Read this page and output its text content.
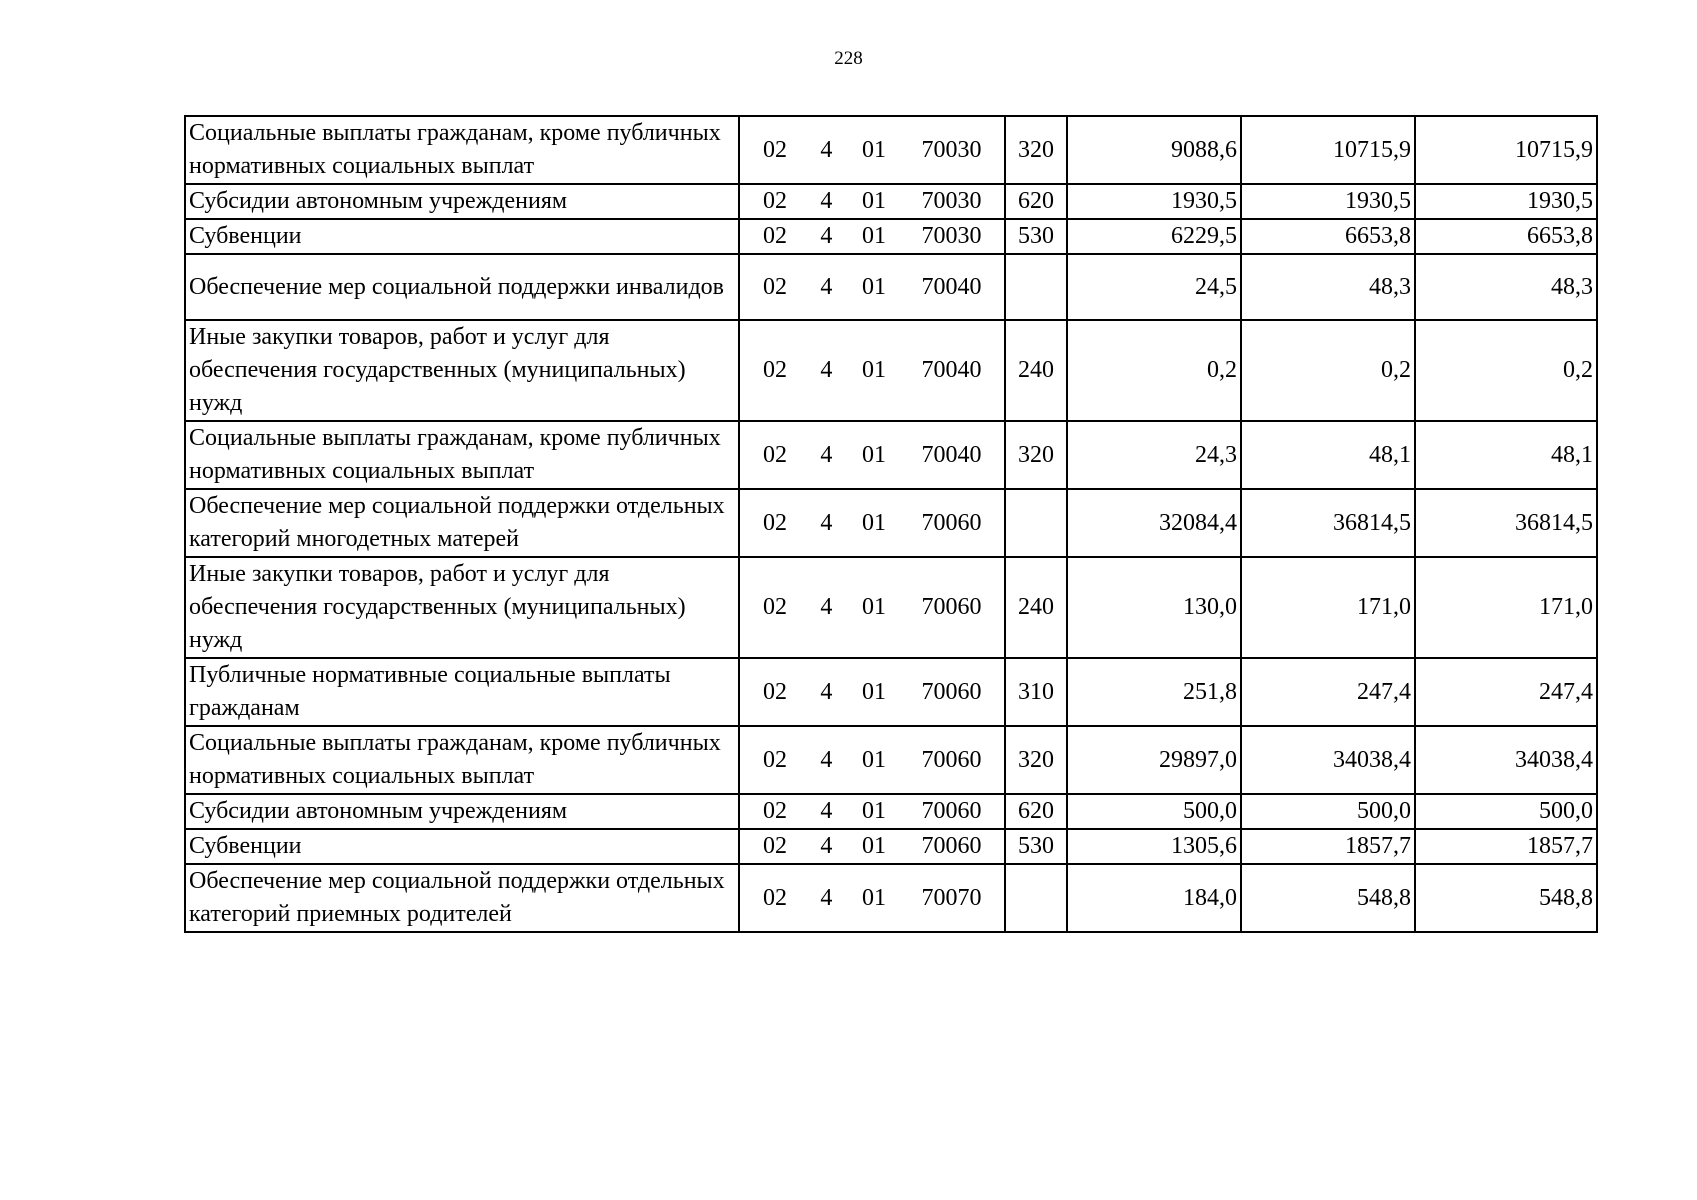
228
Социальные выплаты гражданам, кроме публичных нормативных социальных выплат	02 4 01 70030	320	9088,6	10715,9	10715,9
Субсидии автономным учреждениям	02 4 01 70030	620	1930,5	1930,5	1930,5
Субвенции	02 4 01 70030	530	6229,5	6653,8	6653,8
Обеспечение мер социальной поддержки инвалидов	02 4 01 70040		24,5	48,3	48,3
Иные закупки товаров, работ и услуг для обеспечения государственных (муниципальных) нужд	02 4 01 70040	240	0,2	0,2	0,2
Социальные выплаты гражданам, кроме публичных нормативных социальных выплат	02 4 01 70040	320	24,3	48,1	48,1
Обеспечение мер социальной поддержки отдельных категорий многодетных матерей	02 4 01 70060		32084,4	36814,5	36814,5
Иные закупки товаров, работ и услуг для обеспечения государственных (муниципальных) нужд	02 4 01 70060	240	130,0	171,0	171,0
Публичные нормативные социальные выплаты гражданам	02 4 01 70060	310	251,8	247,4	247,4
Социальные выплаты гражданам, кроме публичных нормативных социальных выплат	02 4 01 70060	320	29897,0	34038,4	34038,4
Субсидии автономным учреждениям	02 4 01 70060	620	500,0	500,0	500,0
Субвенции	02 4 01 70060	530	1305,6	1857,7	1857,7
Обеспечение мер социальной поддержки отдельных категорий приемных родителей	02 4 01 70070		184,0	548,8	548,8
